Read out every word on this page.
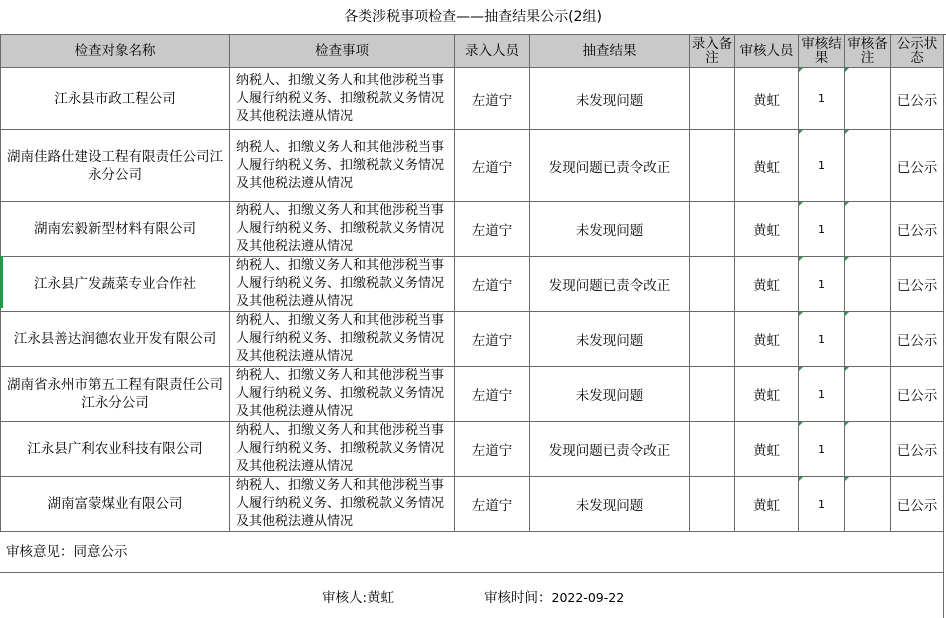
各类涉税事项检查——抽查结果公示(2组)
检查对象名称	检查事项	录入人员	抽查结果	录入备注	审核人员	审核结果	审核备注	公示状态
江永县市政工程公司	纳税人、扣缴义务人和其他涉税当事人履行纳税义务、扣缴税款义务情况及其他税法遵从情况	左道宁	未发现问题		黄虹	1		已公示
湖南佳路仕建设工程有限责任公司江永分公司	纳税人、扣缴义务人和其他涉税当事人履行纳税义务、扣缴税款义务情况及其他税法遵从情况	左道宁	发现问题已责令改正		黄虹	1		已公示
湖南宏毅新型材料有限公司	纳税人、扣缴义务人和其他涉税当事人履行纳税义务、扣缴税款义务情况及其他税法遵从情况	左道宁	未发现问题		黄虹	1		已公示
江永县广发蔬菜专业合作社	纳税人、扣缴义务人和其他涉税当事人履行纳税义务、扣缴税款义务情况及其他税法遵从情况	左道宁	发现问题已责令改正		黄虹	1		已公示
江永县善达润德农业开发有限公司	纳税人、扣缴义务人和其他涉税当事人履行纳税义务、扣缴税款义务情况及其他税法遵从情况	左道宁	未发现问题		黄虹	1		已公示
湖南省永州市第五工程有限责任公司江永分公司	纳税人、扣缴义务人和其他涉税当事人履行纳税义务、扣缴税款义务情况及其他税法遵从情况	左道宁	未发现问题		黄虹	1		已公示
江永县广利农业科技有限公司	纳税人、扣缴义务人和其他涉税当事人履行纳税义务、扣缴税款义务情况及其他税法遵从情况	左道宁	发现问题已责令改正		黄虹	1		已公示
湖南富蒙煤业有限公司	纳税人、扣缴义务人和其他涉税当事人履行纳税义务、扣缴税款义务情况及其他税法遵从情况	左道宁	未发现问题		黄虹	1		已公示
审核意见：同意公示
审核人:黄虹	审核时间：2022-09-22
